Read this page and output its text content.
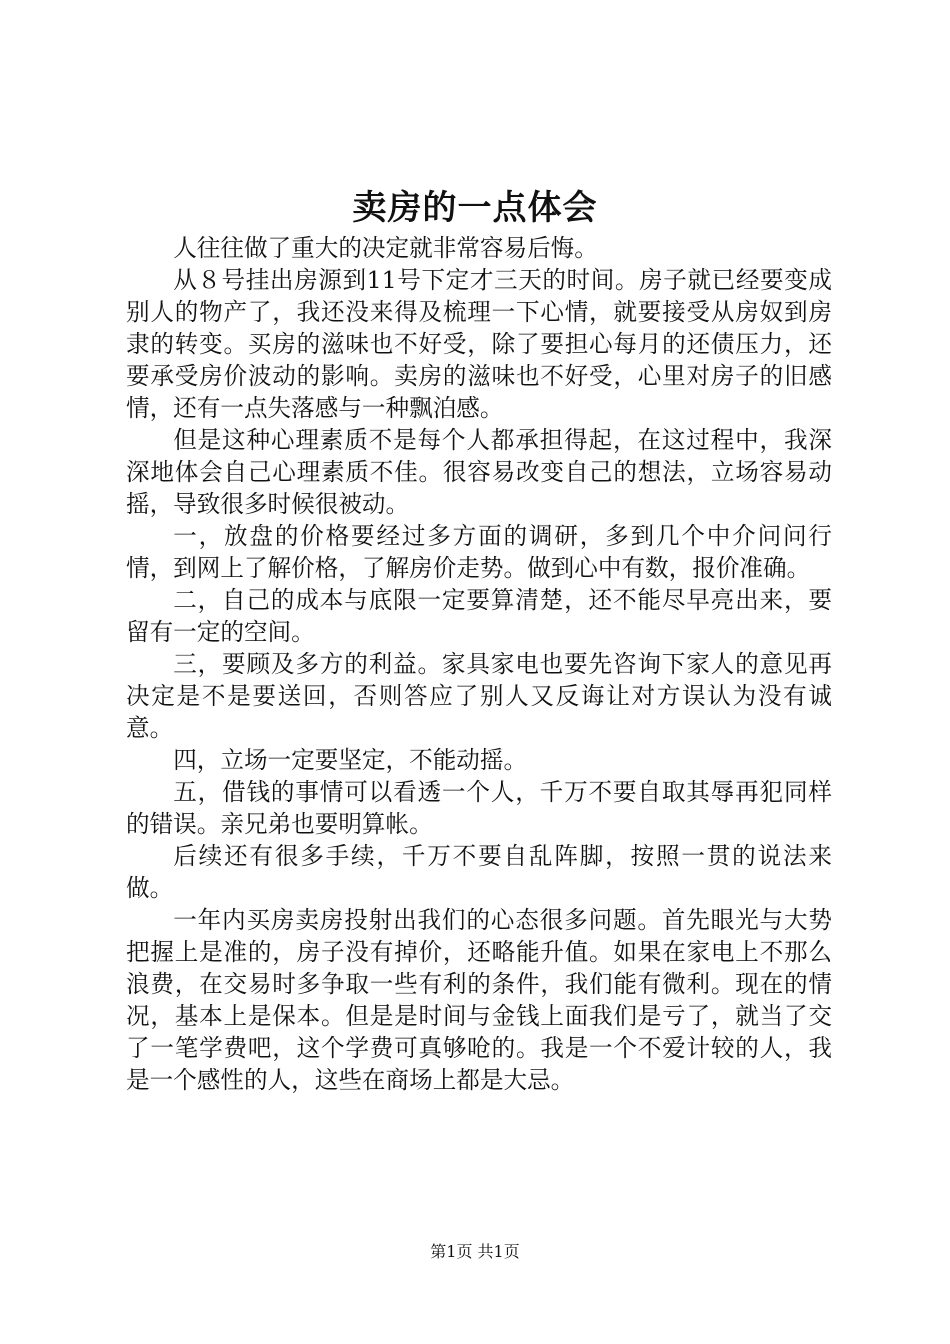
卖房的一点体会

人往往做了重大的决定就非常容易后悔。

从８号挂出房源到11号下定才三天的时间。房子就已经要变成别人的物产了，我还没来得及梳理一下心情，就要接受从房奴到房隶的转变。买房的滋味也不好受，除了要担心每月的还债压力，还要承受房价波动的影响。卖房的滋味也不好受，心里对房子的旧感情，还有一点失落感与一种飘泊感。

但是这种心理素质不是每个人都承担得起，在这过程中，我深深地体会自己心理素质不佳。很容易改变自己的想法，立场容易动摇，导致很多时候很被动。

一，放盘的价格要经过多方面的调研，多到几个中介问问行情，到网上了解价格，了解房价走势。做到心中有数，报价准确。

二，自己的成本与底限一定要算清楚，还不能尽早亮出来，要留有一定的空间。

三，要顾及多方的利益。家具家电也要先咨询下家人的意见再决定是不是要送回，否则答应了别人又反诲让对方误认为没有诚意。

四，立场一定要坚定，不能动摇。

五，借钱的事情可以看透一个人，千万不要自取其辱再犯同样的错误。亲兄弟也要明算帐。

后续还有很多手续，千万不要自乱阵脚，按照一贯的说法来做。

一年内买房卖房投射出我们的心态很多问题。首先眼光与大势把握上是准的，房子没有掉价，还略能升值。如果在家电上不那么浪费，在交易时多争取一些有利的条件，我们能有微利。现在的情况，基本上是保本。但是是时间与金钱上面我们是亏了，就当了交了一笔学费吧，这个学费可真够呛的。我是一个不爱计较的人，我是一个感性的人，这些在商场上都是大忌。

第1页 共1页
